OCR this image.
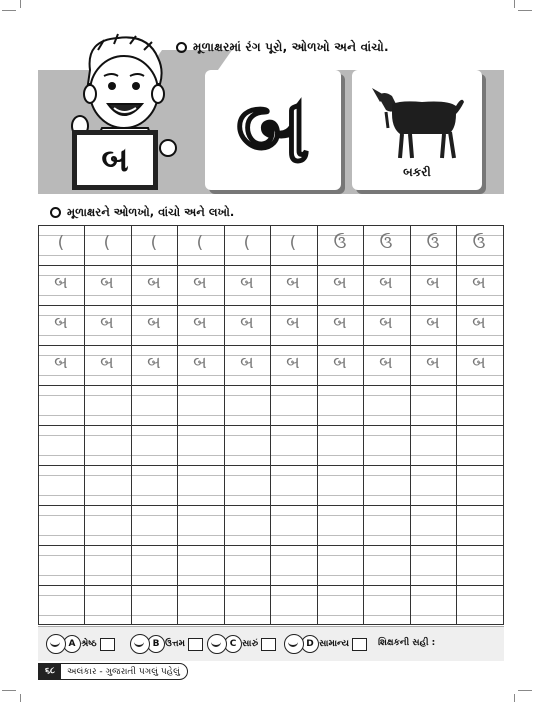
મૂળાક્ષરમાં રંગ પૂરો, ઓળખો અને વાંચો.
બ બ	બકરી
મૂળાક્ષરને ઓળખો, વાંચો અને લખો.
(	(	(	(	(	(	ઉ	ઉ	ઉ	ઉ
બ	બ	બ	બ	બ	બ	બ	બ	બ	બ
બ	બ	બ	બ	બ	બ	બ	બ	બ	બ
બ	બ	બ	બ	બ	બ	બ	બ	બ	બ
A શ્રેષ્ઠ	B ઉત્તમ	C સારું	D સામાન્ય	શિક્ષકની સહી :
૬૮	અલંકાર - ગુજરાતી પગલું પહેલું
